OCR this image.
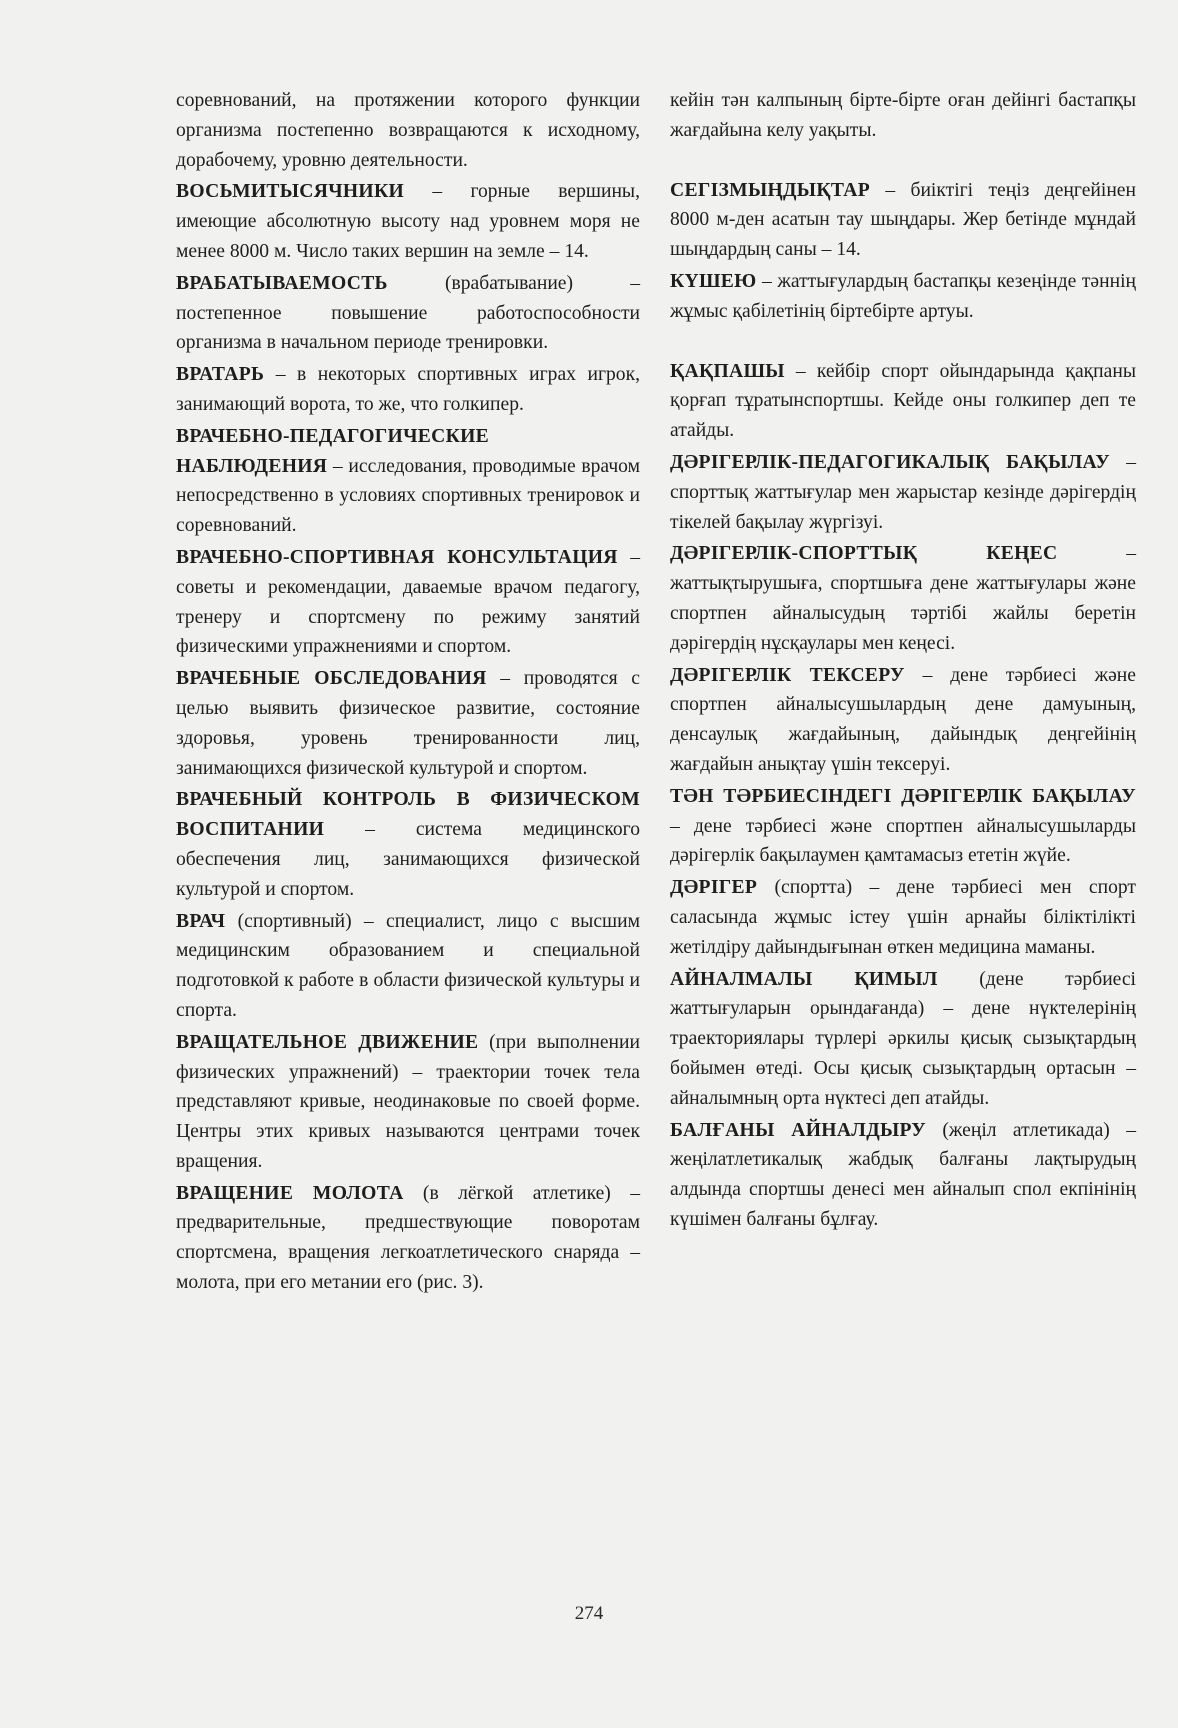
соревнований, на протяжении которого функции организма постепенно возвращаются к исходному, дорабочему, уровню деятельности.

ВОСЬМИТЫСЯЧНИКИ – горные вершины, имеющие абсолютную высоту над уровнем моря не менее 8000 м. Число таких вершин на земле – 14.

ВРАБАТЫВАЕМОСТЬ (врабатывание) – постепенное повышение работоспособности организма в начальном периоде тренировки.

ВРАТАРЬ – в некоторых спортивных играх игрок, занимающий ворота, то же, что голкипер.

ВРАЧЕБНО-ПЕДАГОГИЧЕСКИЕ НАБЛЮДЕНИЯ – исследования, проводимые врачом непосредственно в условиях спортивных тренировок и соревнований.

ВРАЧЕБНО-СПОРТИВНАЯ КОНСУЛЬТАЦИЯ – советы и рекомендации, даваемые врачом педагогу, тренеру и спортсмену по режиму занятий физическими упражнениями и спортом.

ВРАЧЕБНЫЕ ОБСЛЕДОВАНИЯ – проводятся с целью выявить физическое развитие, состояние здоровья, уровень тренированности лиц, занимающихся физической культурой и спортом.

ВРАЧЕБНЫЙ КОНТРОЛЬ В ФИЗИЧЕСКОМ ВОСПИТАНИИ – система медицинского обеспечения лиц, занимающихся физической культурой и спортом.

ВРАЧ (спортивный) – специалист, лицо с высшим медицинским образованием и специальной подготовкой к работе в области физической культуры и спорта.

ВРАЩАТЕЛЬНОЕ ДВИЖЕНИЕ (при выполнении физических упражнений) – траектории точек тела представляют кривые, неодинаковые по своей форме. Центры этих кривых называются центрами точек вращения.

ВРАЩЕНИЕ МОЛОТА (в лёгкой атлетике) – предварительные, предшествующие поворотам спортсмена, вращения легкоатлетического снаряда – молота, при его метании его (рис. 3).

кейін тән калпының бірте-бірте оған дейінгі бастапқы жағдайына келу уақыты.

СЕГІЗМЫҢДЫҚТАР – биіктігі теңіз деңгейінен 8000 м-ден асатын тау шыңдары. Жер бетінде мұндай шыңдардың саны – 14.

КҮШЕЮ – жаттығулардың бастапқы кезеңінде тәннің жұмыс қабілетінің біртебірте артуы.

ҚАҚПАШЫ – кейбір спорт ойындарында қақпаны қорғап тұратынспортшы. Кейде оны голкипер деп те атайды.

ДӘРІГЕРЛІК-ПЕДАГОГИКАЛЫҚ БАҚЫЛАУ – спорттық жаттығулар мен жарыстар кезінде дәрігердің тікелей бақылау жүргізуі.

ДӘРІГЕРЛІК-СПОРТТЫҚ КЕҢЕС – жаттықтырушыға, спортшыға дене жаттығулары және спортпен айналысудың тәртібі жайлы беретін дәрігердің нұсқаулары мен кеңесі.

ДӘРІГЕРЛІК ТЕКСЕРУ – дене тәрбиесі және спортпен айналысушылардың дене дамуының, денсаулық жағдайының, дайындық деңгейінің жағдайын анықтау үшін тексеруі.

ТӘН ТӘРБИЕСІНДЕГІ ДӘРІГЕРЛІК БАҚЫЛАУ – дене тәрбиесі және спортпен айналысушыларды дәрігерлік бақылаумен қамтамасыз ететін жүйе.

ДӘРІГЕР (спортта) – дене тәрбиесі мен спорт саласында жұмыс істеу үшін арнайы біліктілікті жетілдіру дайындығынан өткен медицина маманы.

АЙНАЛМАЛЫ ҚИМЫЛ (дене тәрбиесі жаттығуларын орындағанда) – дене нүктелерінің траекториялары түрлері әркилы қисық сызықтардың бойымен өтеді. Осы қисық сызықтардың ортасын – айналымның орта нүктесі деп атайды.

БАЛҒАНЫ АЙНАЛДЫРУ (жеңіл атлетикада) – жеңілатлетикалық жабдық балғаны лақтырудың алдында спортшы денесі мен айналып спол екпінінің күшімен балғаны бұлғау.

274
